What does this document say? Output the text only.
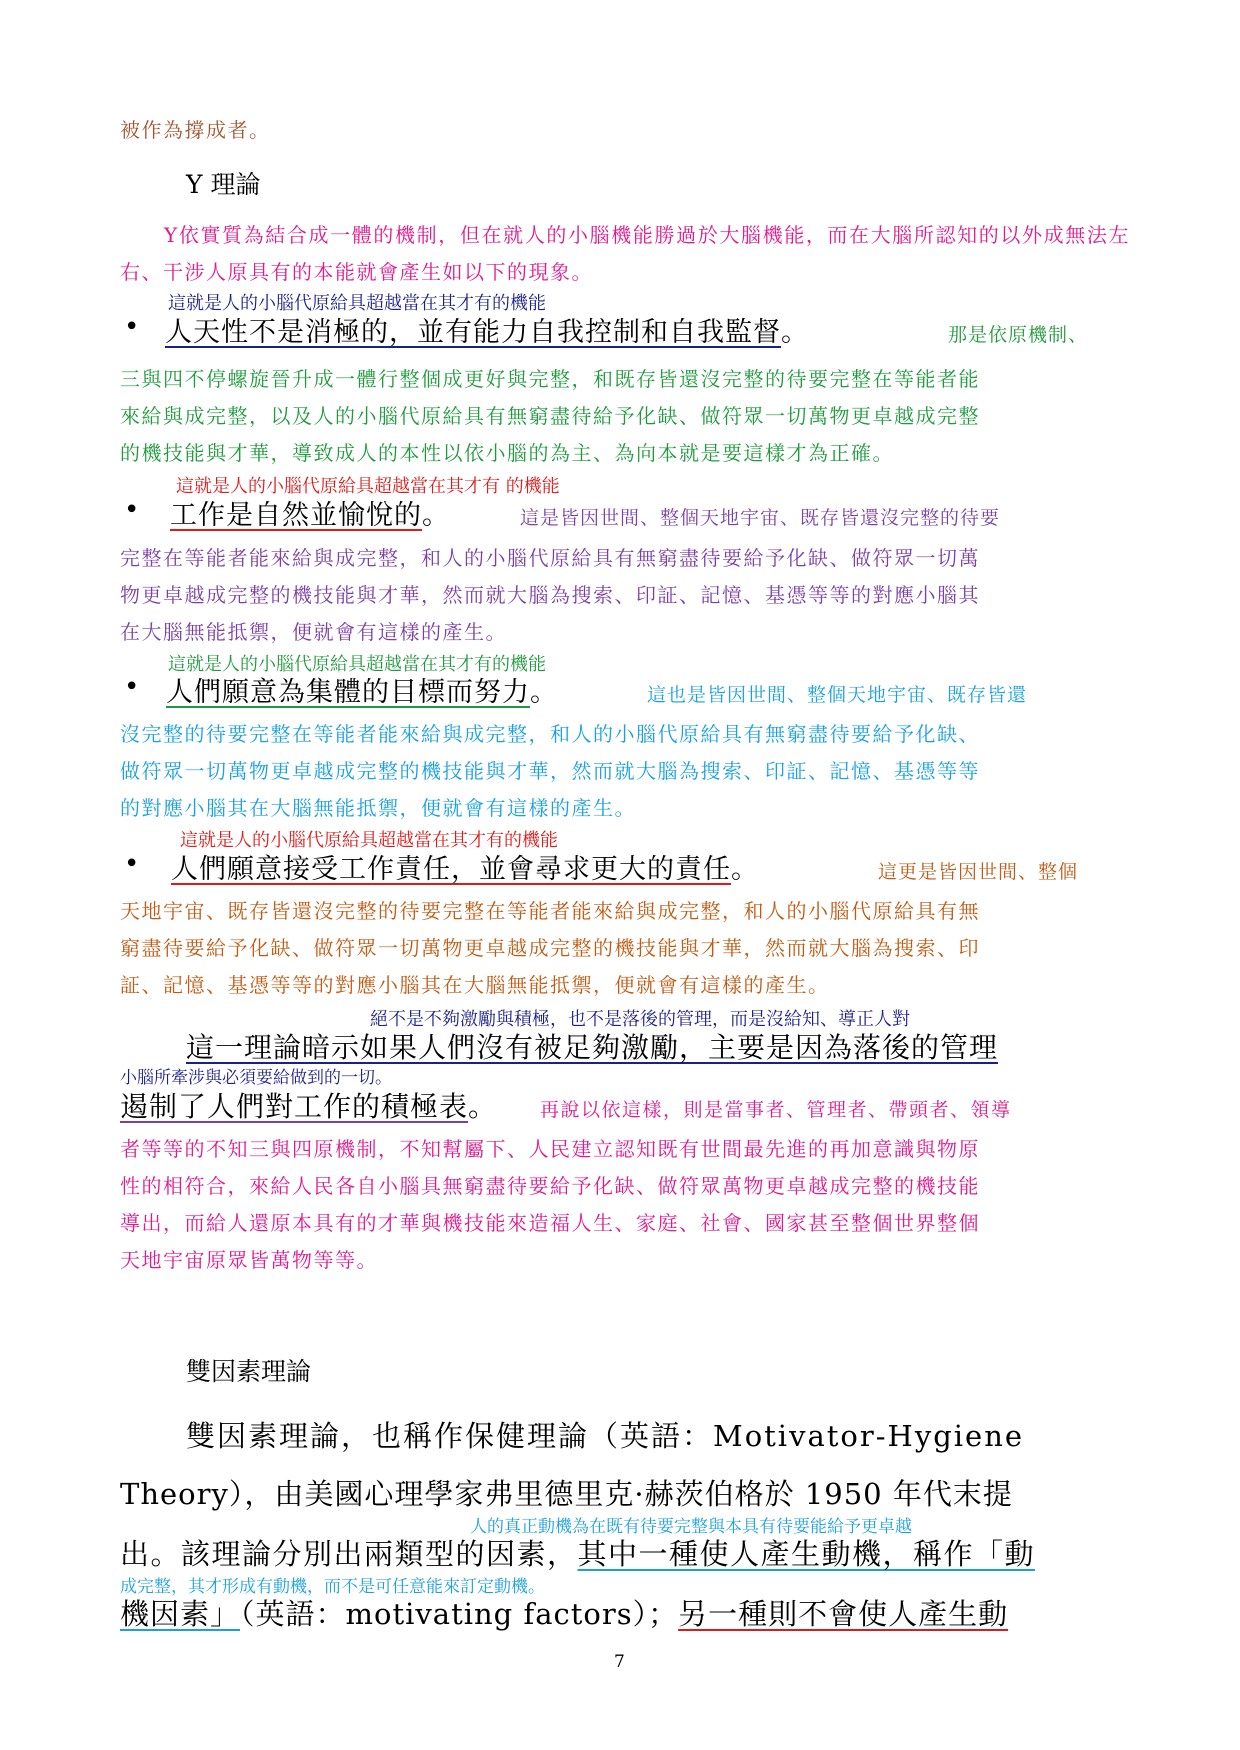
被作為撐成者。
Y 理論

Y依實質為結合成一體的機制，但在就人的小腦機能勝過於大腦機能，而在大腦所認知的以外成無法左右、干涉人原具有的本能就會產生如以下的現象。

這就是人的小腦代原給具超越當在其才有的機能
• 人天性不是消極的，並有能力自我控制和自我監督。	那是依原機制、
三與四不停螺旋晉升成一體行整個成更好與完整，和既存皆還沒完整的待要完整在等能者能
來給與成完整，以及人的小腦代原給具有無窮盡待給予化缺、做符眾一切萬物更卓越成完整
的機技能與才華，導致成人的本性以依小腦的為主、為向本就是要這樣才為正確。
這就是人的小腦代原給具超越當在其才有 的機能
• 工作是自然並愉悅的。	這是皆因世間、整個天地宇宙、既存皆還沒完整的待要
完整在等能者能來給與成完整，和人的小腦代原給具有無窮盡待要給予化缺、做符眾一切萬
物更卓越成完整的機技能與才華，然而就大腦為搜索、印証、記憶、基憑等等的對應小腦其
在大腦無能抵禦，便就會有這樣的產生。
這就是人的小腦代原給具超越當在其才有的機能
• 人們願意為集體的目標而努力。	這也是皆因世間、整個天地宇宙、既存皆還
沒完整的待要完整在等能者能來給與成完整，和人的小腦代原給具有無窮盡待要給予化缺、
做符眾一切萬物更卓越成完整的機技能與才華，然而就大腦為搜索、印証、記憶、基憑等等
的對應小腦其在大腦無能抵禦，便就會有這樣的產生。
這就是人的小腦代原給具超越當在其才有的機能
• 人們願意接受工作責任，並會尋求更大的責任。	這更是皆因世間、整個
天地宇宙、既存皆還沒完整的待要完整在等能者能來給與成完整，和人的小腦代原給具有無
窮盡待要給予化缺、做符眾一切萬物更卓越成完整的機技能與才華，然而就大腦為搜索、印
証、記憶、基憑等等的對應小腦其在大腦無能抵禦，便就會有這樣的產生。
絕不是不夠激勵與積極，也不是落後的管理，而是沒給知、導正人對
這一理論暗示如果人們沒有被足夠激勵，主要是因為落後的管理
小腦所牽涉與必須要給做到的一切。
遏制了人們對工作的積極表。 再說以依這樣，則是當事者、管理者、帶頭者、領導
者等等的不知三與四原機制，不知幫屬下、人民建立認知既有世間最先進的再加意識與物原
性的相符合，來給人民各自小腦具無窮盡待要給予化缺、做符眾萬物更卓越成完整的機技能
導出，而給人還原本具有的才華與機技能來造福人生、家庭、社會、國家甚至整個世界整個
天地宇宙原眾皆萬物等等。
雙因素理論
雙因素理論，也稱作保健理論（英語：Motivator-Hygiene
Theory），由美國心理學家弗里德里克·赫茨伯格於 1950 年代末提
人的真正動機為在既有待要完整與本具有待要能給予更卓越
出。該理論分別出兩類型的因素，其中一種使人產生動機，稱作「動
成完整，其才形成有動機，而不是可任意能來訂定動機。
機因素」（英語：motivating factors）；另一種則不會使人產生動
7
